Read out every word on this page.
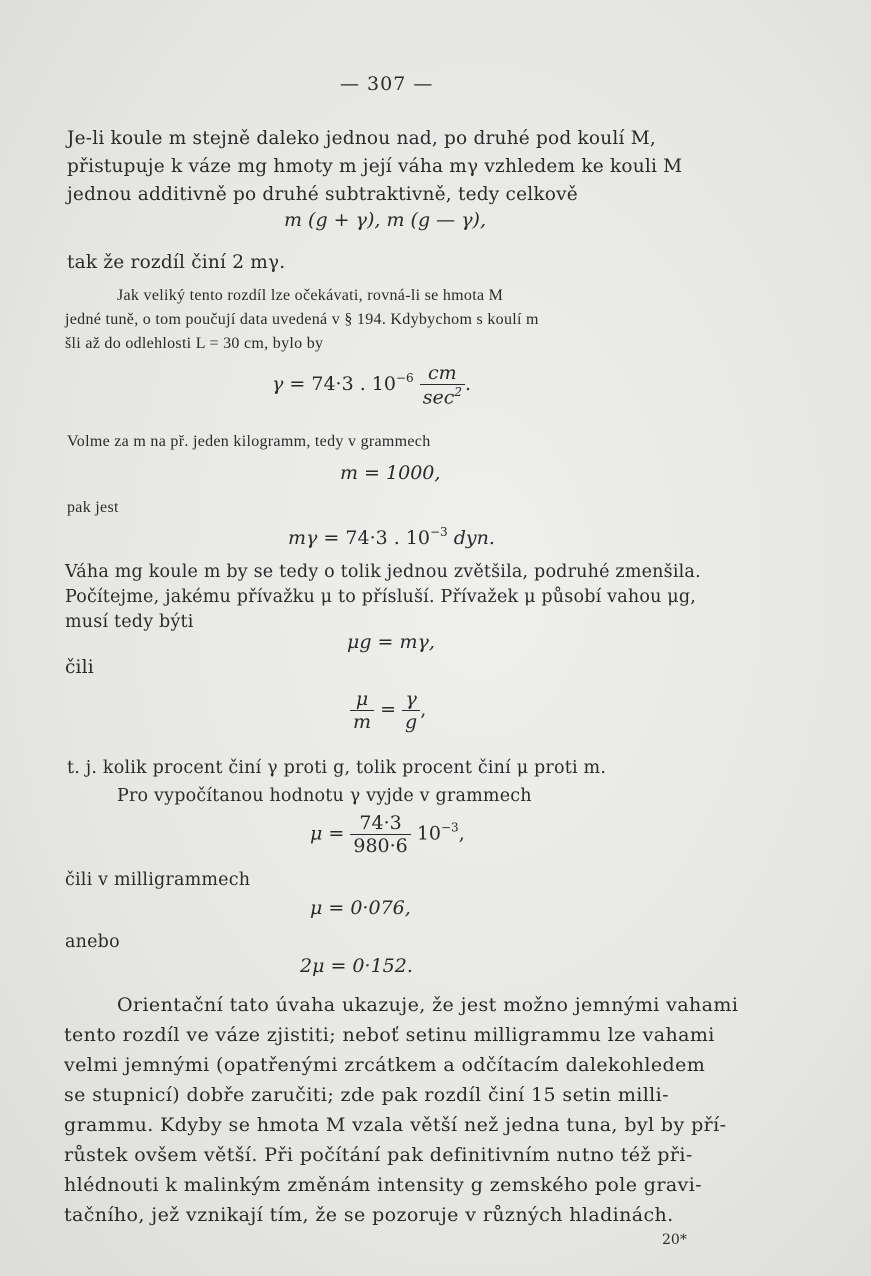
— 307 —
Je-li koule m stejně daleko jednou nad, po druhé pod koulí M,
přistupuje k váze mg hmoty m její váha mγ vzhledem ke kouli M
jednou additivně po druhé subtraktivně, tedy celkově
m (g + γ), m (g — γ),
tak že rozdíl činí 2 mγ.
Jak veliký tento rozdíl lze očekávati, rovná-li se hmota M
jedné tuně, o tom poučují data uvedená v § 194. Kdybychom s koulí m
šli až do odlehlosti L = 30 cm, bylo by
γ = 74·3 . $10^{-6} \frac{cm}{\sec^2}$ .
Volme za m na př. jeden kilogramm, tedy v grammech
m = 1000,
pak jest
mγ = 74·3 . $10^{-3}$ dyn.
Váha mg koule m by se tedy o tolik jednou zvětšila, podruhé zmenšila.
Počítejme, jakému přívažku μ to přísluší. Přívažek μ působí vahou μg,
musí tedy býti
μg = mγ,
čili
$\frac{\mu}{m} = \frac{\gamma}{g}$ ,
t. j. kolik procent činí γ proti g, tolik procent činí μ proti m.
Pro vypočítanou hodnotu γ vyjde v grammech
$\mu = \frac{74\cdot 3}{980\cdot 6} 10^{-3}$,
čili v milligrammech
μ = 0·076,
anebo
2μ = 0·152.
Orientační tato úvaha ukazuje, že jest možno jemnými vahami
tento rozdíl ve váze zjistiti; neboť setinu milligrammu lze vahami
velmi jemnými (opatřenými zrcátkem a odčítacím dalekohledem
se stupnicí) dobře zaručiti; zde pak rozdíl činí 15 setin milli-
grammu. Kdyby se hmota M vzala větší než jedna tuna, byl by pří-
růstek ovšem větší. Při počítání pak definitivním nutno též při-
hlédnouti k malinkým změnám intensity g zemského pole gravi-
tačního, jež vznikají tím, že se pozoruje v různých hladinách.
20*
